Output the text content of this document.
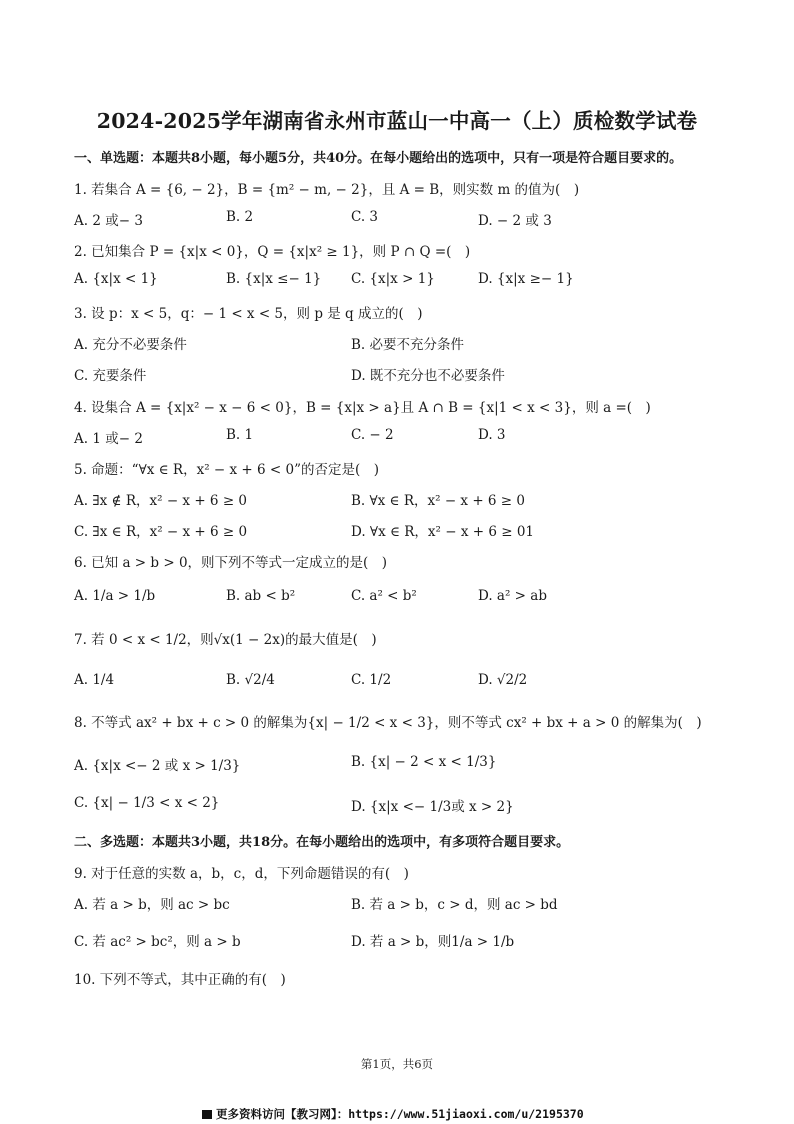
2024-2025学年湖南省永州市蓝山一中高一（上）质检数学试卷
一、单选题：本题共8小题，每小题5分，共40分。在每小题给出的选项中，只有一项是符合题目要求的。
1. 若集合 A = {6, − 2}，B = {m² − m, − 2}，且 A = B，则实数 m 的值为(　)
A. 2 或− 3	B. 2	C. 3	D. − 2 或 3
2. 已知集合 P = {x|x < 0}，Q = {x|x² ≥ 1}，则 P ∩ Q =(　)
A. {x|x < 1}	B. {x|x ≤− 1} C. {x|x > 1}	D. {x|x ≥− 1}
3. 设 p：x < 5，q：− 1 < x < 5，则 p 是 q 成立的(　)
A. 充分不必要条件	B. 必要不充分条件
C. 充要条件	D. 既不充分也不必要条件
4. 设集合 A = {x|x² − x − 6 < 0}，B = {x|x > a}且 A ∩ B = {x|1 < x < 3}，则 a =(　)
A. 1 或− 2	B. 1	C. − 2	D. 3
5. 命题：“∀x ∈ R，x² − x + 6 < 0”的否定是(　)
A. ∃x ∉ R，x² − x + 6 ≥ 0	B. ∀x ∈ R，x² − x + 6 ≥ 0
C. ∃x ∈ R，x² − x + 6 ≥ 0	D. ∀x ∈ R，x² − x + 6 ≥ 01
6. 已知 a > b > 0，则下列不等式一定成立的是(　)
A. 1/a > 1/b	B. ab < b²	C. a² < b²	D. a² > ab
7. 若 0 < x < 1/2，则√x(1 − 2x)的最大值是(　)
A. 1/4	B. √2/4	C. 1/2	D. √2/2
8. 不等式 ax² + bx + c > 0 的解集为{x| − 1/2 < x < 3}，则不等式 cx² + bx + a > 0 的解集为(　)
A. {x|x <− 2 或 x > 1/3}	B. {x| − 2 < x < 1/3}
C. {x| − 1/3 < x < 2}	D. {x|x <− 1/3或 x > 2}
二、多选题：本题共3小题，共18分。在每小题给出的选项中，有多项符合题目要求。
9. 对于任意的实数 a，b，c，d，下列命题错误的有(　)
A. 若 a > b，则 ac > bc	B. 若 a > b，c > d，则 ac > bd
C. 若 ac² > bc²，则 a > b	D. 若 a > b，则1/a > 1/b
10. 下列不等式，其中正确的有(　)
第1页，共6页
更多资料访问【教习网】：https://www.51jiaoxi.com/u/2195370
